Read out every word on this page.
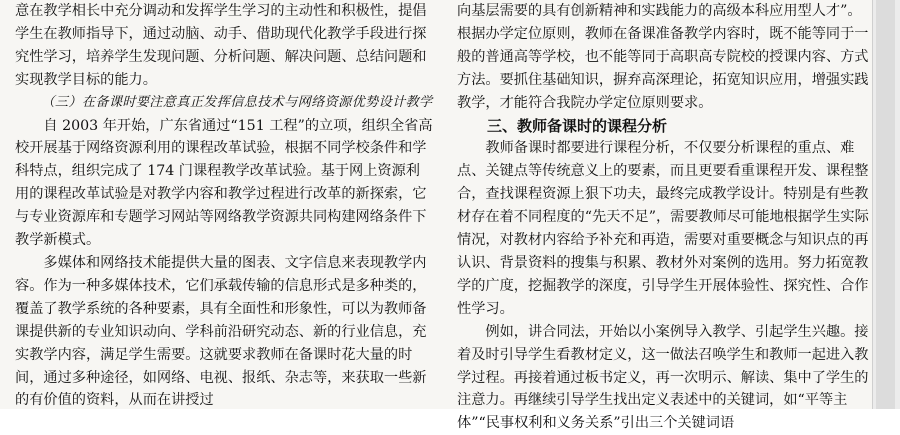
意在教学相长中充分调动和发挥学生学习的主动性和积极性，提倡学生在教师指导下，通过动脑、动手、借助现代化教学手段进行探究性学习，培养学生发现问题、分析问题、解决问题、总结问题和实现教学目标的能力。

（三）在备课时要注意真正发挥信息技术与网络资源优势设计教学

自 2003 年开始，广东省通过“151 工程”的立项，组织全省高校开展基于网络资源利用的课程改革试验，根据不同学校条件和学科特点，组织完成了 174 门课程教学改革试验。基于网上资源利用的课程改革试验是对教学内容和教学过程进行改革的新探索，它与专业资源库和专题学习网站等网络教学资源共同构建网络条件下教学新模式。

多媒体和网络技术能提供大量的图表、文字信息来表现教学内容。作为一种多媒体技术，它们承载传输的信息形式是多种类的，覆盖了教学系统的各种要素，具有全面性和形象性，可以为教师备课提供新的专业知识动向、学科前沿研究动态、新的行业信息，充实教学内容，满足学生需要。这就要求教师在备课时花大量的时间，通过多种途径，如网络、电视、报纸、杂志等，来获取一些新的有价值的资料，从而在讲授过

向基层需要的具有创新精神和实践能力的高级本科应用型人才”。根据办学定位原则，教师在备课准备教学内容时，既不能等同于一般的普通高等学校，也不能等同于高职高专院校的授课内容、方式方法。要抓住基础知识，摒弃高深理论，拓宽知识应用，增强实践教学，才能符合我院办学定位原则要求。

三、教师备课时的课程分析

教师备课时都要进行课程分析，不仅要分析课程的重点、难点、关键点等传统意义上的要素，而且更要看重课程开发、课程整合，查找课程资源上狠下功夫，最终完成教学设计。特别是有些教材存在着不同程度的“先天不足”，需要教师尽可能地根据学生实际情况，对教材内容给予补充和再造，需要对重要概念与知识点的再认识、背景资料的搜集与积累、教材外对案例的选用。努力拓宽教学的广度，挖掘教学的深度，引导学生开展体验性、探究性、合作性学习。

例如，讲合同法，开始以小案例导入教学、引起学生兴趣。接着及时引导学生看教材定义，这一做法召唤学生和教师一起进入教学过程。再接着通过板书定义，再一次明示、解读、集中了学生的注意力。再继续引导学生找出定义表述中的关键词，如“平等主体”“民事权利和义务关系”引出三个关键词语
